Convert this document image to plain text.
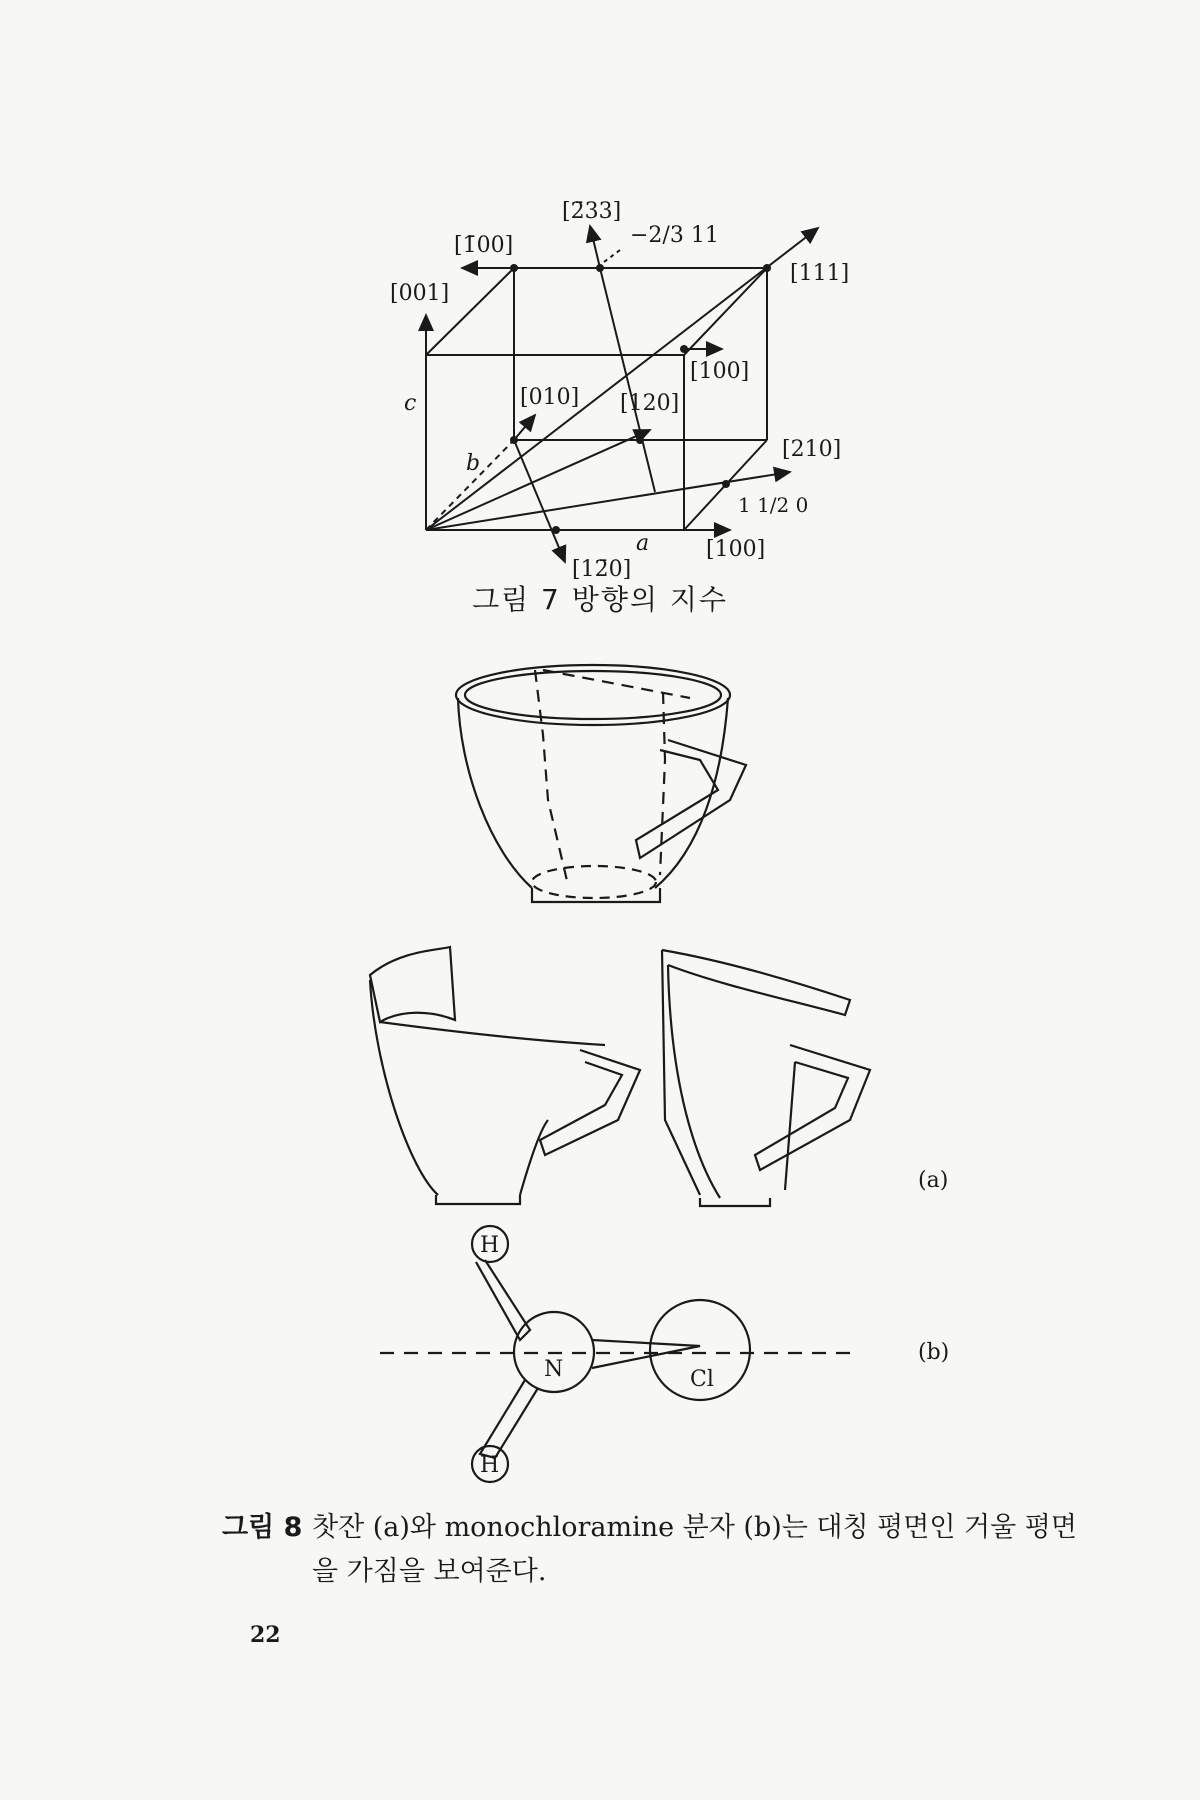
[2̄33]
[1̄00]
[001]
−2/3 11
[111]
[100]
[010] [120]
[210]
1 1/2 0
[100]
[12̄0]
a
b
c
그림 7 방향의 지수
(a)
H
N	Cl
H
(b)
그림 8 찻잔 (a)와 monochloramine 분자 (b)는 대칭 평면인 거울 평면
을 가짐을 보여준다.
22
